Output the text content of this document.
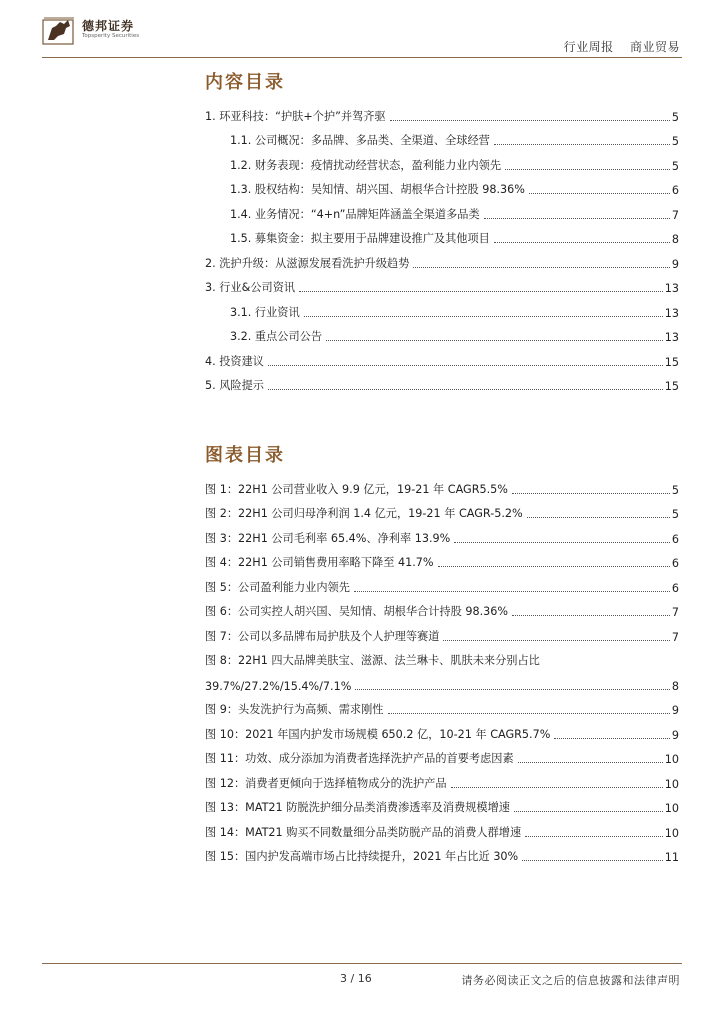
德邦证券
Topsperity Securities
行业周报 商业贸易
内容目录
1. 环亚科技：“护肤+个护”并驾齐驱	5
1.1. 公司概况：多品牌、多品类、全渠道、全球经营	5
1.2. 财务表现：疫情扰动经营状态，盈利能力业内领先	5
1.3. 股权结构：吴知情、胡兴国、胡根华合计控股 98.36%	6
1.4. 业务情况：“4+n”品牌矩阵涵盖全渠道多品类	7
1.5. 募集资金：拟主要用于品牌建设推广及其他项目	8
2. 洗护升级：从滋源发展看洗护升级趋势	9
3. 行业&公司资讯	13
3.1. 行业资讯	13
3.2. 重点公司公告	13
4. 投资建议	15
5. 风险提示	15
图表目录
图 1：22H1 公司营业收入 9.9 亿元，19-21 年 CAGR5.5%	5
图 2：22H1 公司归母净利润 1.4 亿元，19-21 年 CAGR-5.2%	5
图 3：22H1 公司毛利率 65.4%、净利率 13.9%	6
图 4：22H1 公司销售费用率略下降至 41.7%	6
图 5：公司盈利能力业内领先	6
图 6：公司实控人胡兴国、吴知情、胡根华合计持股 98.36%	7
图 7：公司以多品牌布局护肤及个人护理等赛道	7
图 8：22H1 四大品牌美肤宝、滋源、法兰琳卡、肌肤未来分别占比
39.7%/27.2%/15.4%/7.1%	8
图 9：头发洗护行为高频、需求刚性	9
图 10：2021 年国内护发市场规模 650.2 亿，10-21 年 CAGR5.7%	9
图 11：功效、成分添加为消费者选择洗护产品的首要考虑因素	10
图 12：消费者更倾向于选择植物成分的洗护产品	10
图 13：MAT21 防脱洗护细分品类消费渗透率及消费规模增速	10
图 14：MAT21 购买不同数量细分品类防脱产品的消费人群增速	10
图 15：国内护发高端市场占比持续提升，2021 年占比近 30%	11
3 / 16	请务必阅读正文之后的信息披露和法律声明
